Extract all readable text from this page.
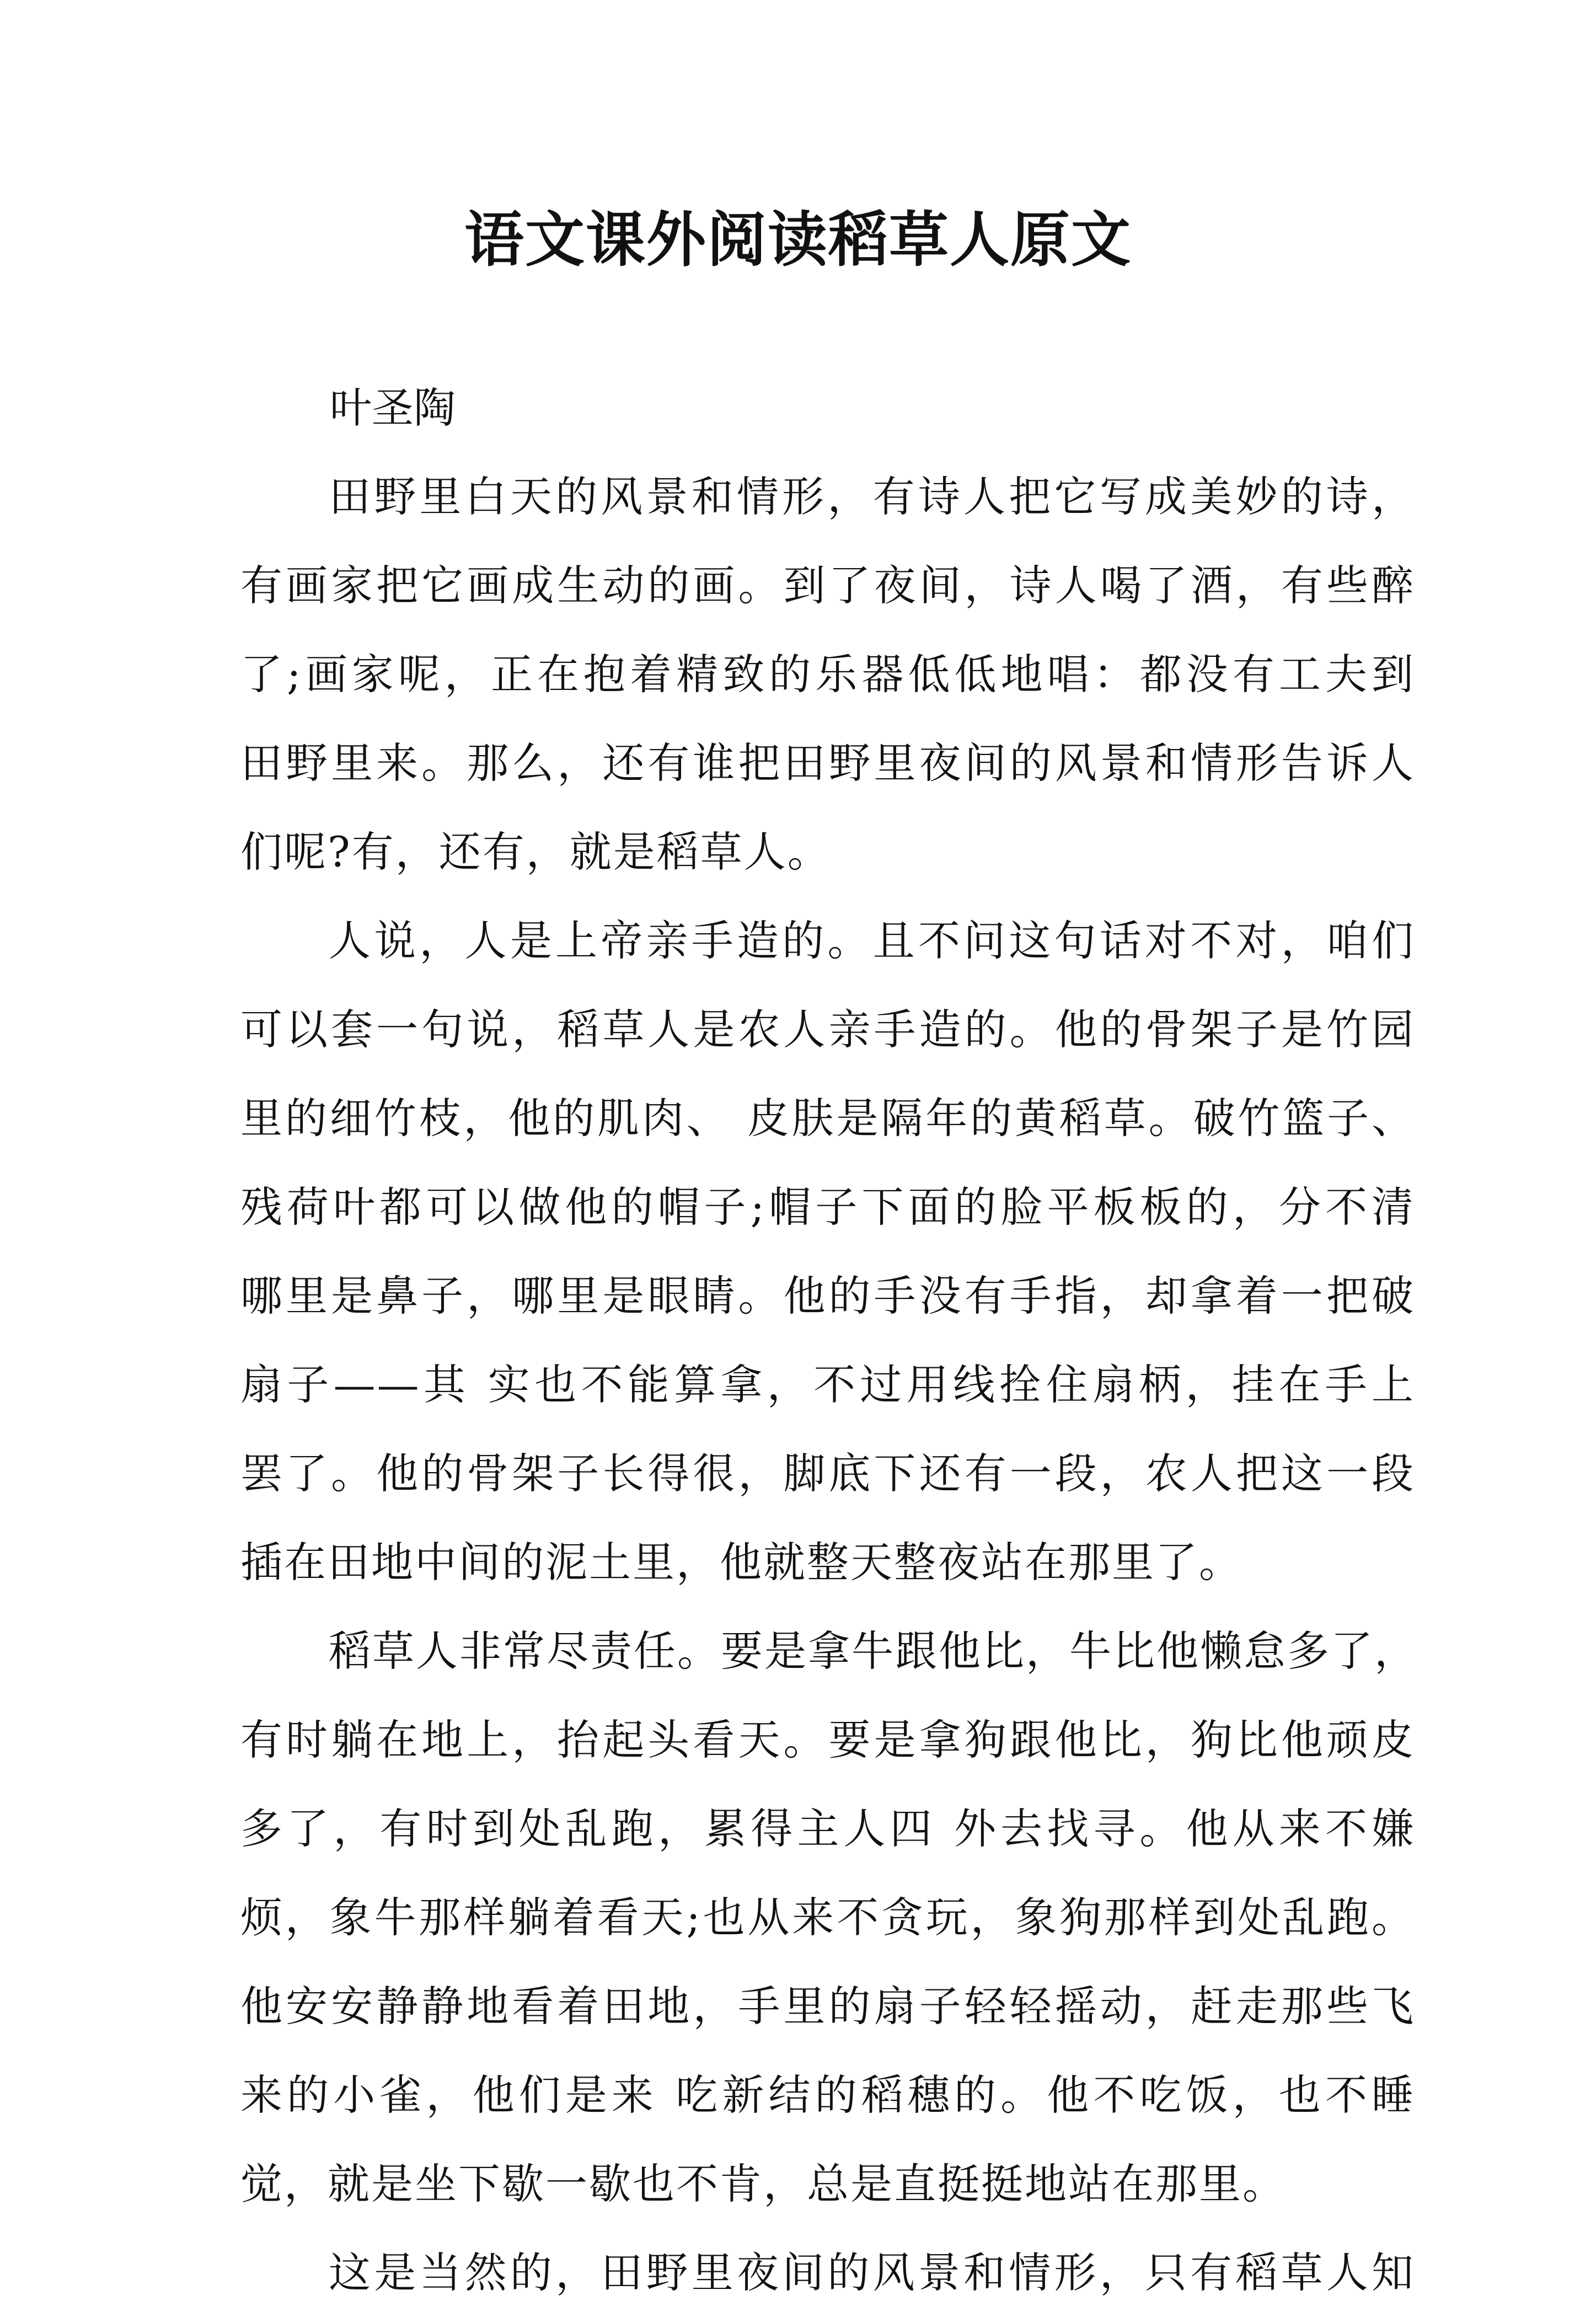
语文课外阅读稻草人原文

叶圣陶

田野里白天的风景和情形，有诗人把它写成美妙的诗，
有画家把它画成生动的画。到了夜间，诗人喝了酒，有些醉
了;画家呢，正在抱着精致的乐器低低地唱：都没有工夫到
田野里来。那么，还有谁把田野里夜间的风景和情形告诉人
们呢?有，还有，就是稻草人。
人说，人是上帝亲手造的。且不问这句话对不对，咱们
可以套一句说，稻草人是农人亲手造的。他的骨架子是竹园
里的细竹枝，他的肌肉、 皮肤是隔年的黄稻草。破竹篮子、
残荷叶都可以做他的帽子;帽子下面的脸平板板的，分不清
哪里是鼻子，哪里是眼睛。他的手没有手指，却拿着一把破
扇子——其 实也不能算拿，不过用线拴住扇柄，挂在手上
罢了。他的骨架子长得很，脚底下还有一段，农人把这一段
插在田地中间的泥土里，他就整天整夜站在那里了。
稻草人非常尽责任。要是拿牛跟他比，牛比他懒怠多了，
有时躺在地上，抬起头看天。要是拿狗跟他比，狗比他顽皮
多了，有时到处乱跑，累得主人四 外去找寻。他从来不嫌
烦，象牛那样躺着看天;也从来不贪玩，象狗那样到处乱跑。
他安安静静地看着田地，手里的扇子轻轻摇动，赶走那些飞
来的小雀，他们是来 吃新结的稻穗的。他不吃饭，也不睡
觉，就是坐下歇一歇也不肯，总是直挺挺地站在那里。
这是当然的，田野里夜间的风景和情形，只有稻草人知
